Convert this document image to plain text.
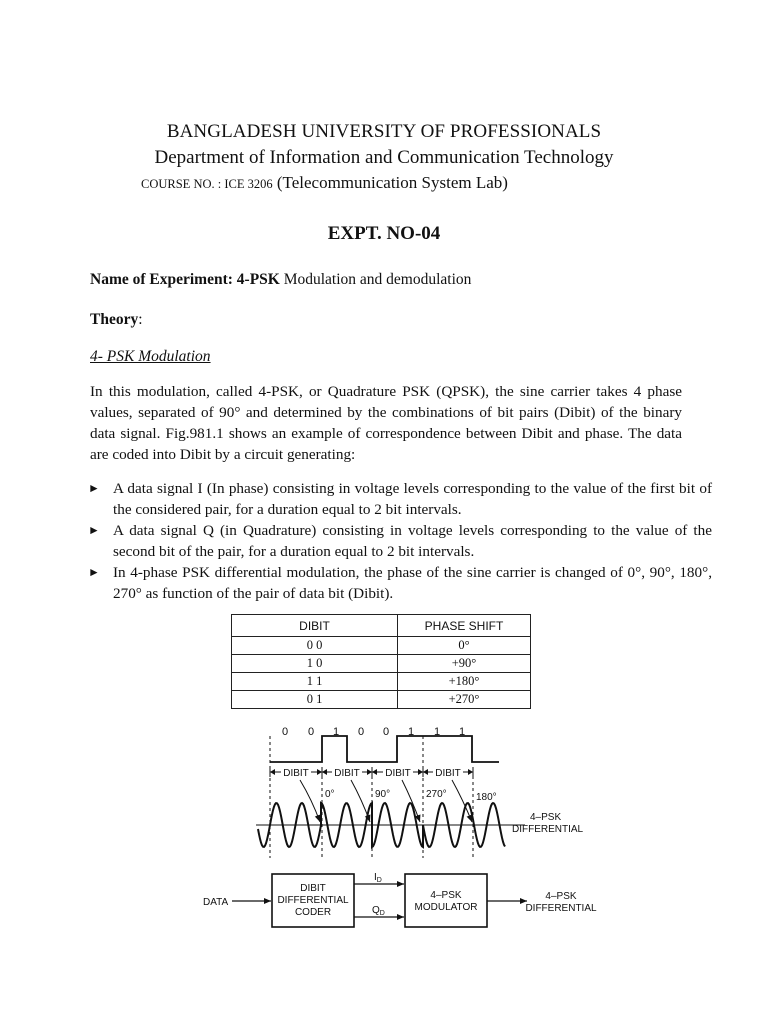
BANGLADESH UNIVERSITY OF PROFESSIONALS
Department of Information and Communication Technology
COURSE NO. : ICE 3206 (Telecommunication System Lab)
EXPT. NO-04
Name of Experiment: 4-PSK Modulation and demodulation
Theory:
4- PSK Modulation
In this modulation, called 4-PSK, or Quadrature PSK (QPSK), the sine carrier takes 4 phase values, separated of 90° and determined by the combinations of bit pairs (Dibit) of the binary data signal. Fig.981.1 shows an example of correspondence between Dibit and phase. The data are coded into Dibit by a circuit generating:
► A data signal I (In phase) consisting in voltage levels corresponding to the value of the first bit of the considered pair, for a duration equal to 2 bit intervals.
► A data signal Q (in Quadrature) consisting in voltage levels corresponding to the value of the second bit of the pair, for a duration equal to 2 bit intervals.
► In 4-phase PSK differential modulation, the phase of the sine carrier is changed of 0°, 90°, 180°, 270° as function of the pair of data bit (Dibit).
DIBIT	PHASE SHIFT
0 0	0°
1 0	+90°
1 1	+180°
0 1	+270°
0 0 1 0 0 1 1 1
DIBIT	DIBIT	DIBIT DIBIT
0°	90°	270°	180°
4–PSK
DIFFERENTIAL
DATA
DIBIT
DIFFERENTIAL
CODER
$I_D$
$Q_D$
4–PSK
MODULATOR
4–PSK
DIFFERENTIAL
